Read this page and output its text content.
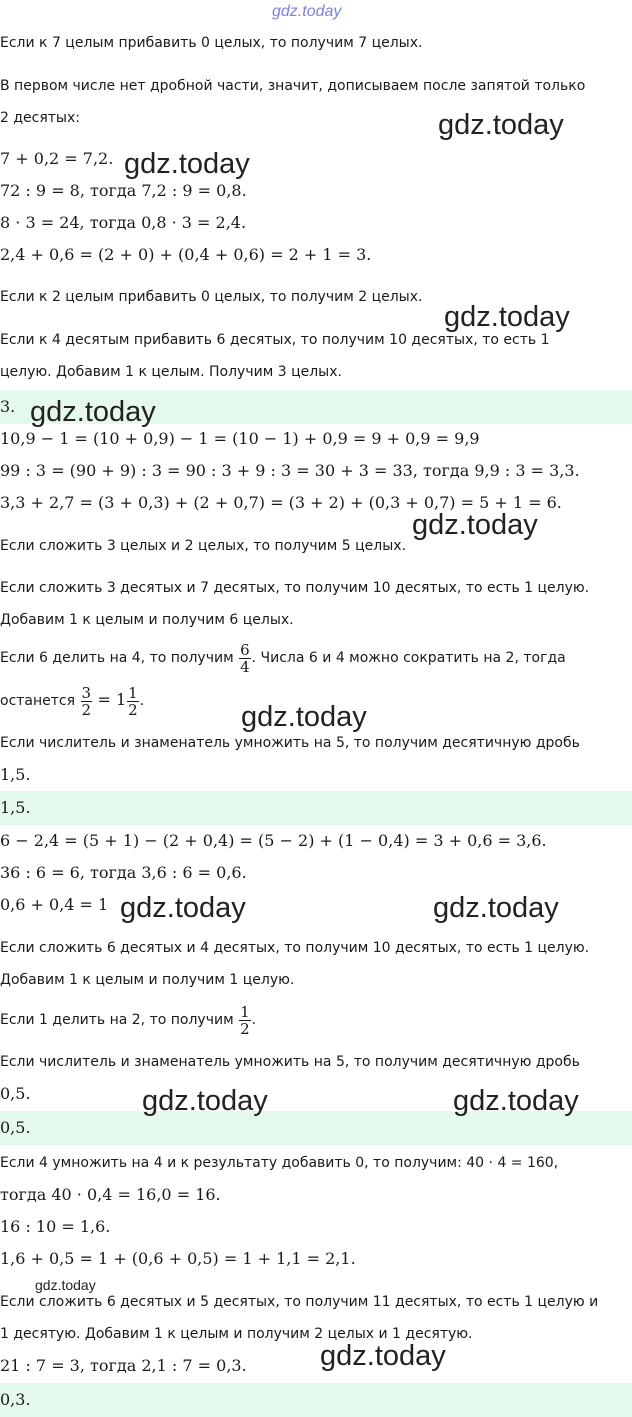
gdz.today
Если к 7 целым прибавить 0 целых, то получим 7 целых.
В первом числе нет дробной части, значит, дописываем после запятой только
2 десятых:
7 + 0,2 = 7,2.
72 : 9 = 8, тогда 7,2 : 9 = 0,8.
8 · 3 = 24, тогда 0,8 · 3 = 2,4.
2,4 + 0,6 = (2 + 0) + (0,4 + 0,6) = 2 + 1 = 3.
Если к 2 целым прибавить 0 целых, то получим 2 целых.
Если к 4 десятым прибавить 6 десятых, то получим 10 десятых, то есть 1
целую. Добавим 1 к целым. Получим 3 целых.
3.
10,9 − 1 = (10 + 0,9) − 1 = (10 − 1) + 0,9 = 9 + 0,9 = 9,9
99 : 3 = (90 + 9) : 3 = 90 : 3 + 9 : 3 = 30 + 3 = 33, тогда 9,9 : 3 = 3,3.
3,3 + 2,7 = (3 + 0,3) + (2 + 0,7) = (3 + 2) + (0,3 + 0,7) = 5 + 1 = 6.
Если сложить 3 целых и 2 целых, то получим 5 целых.
Если сложить 3 десятых и 7 десятых, то получим 10 десятых, то есть 1 целую.
Добавим 1 к целым и получим 6 целых.
Если 6 делить на 4, то получим $\frac{6}{4}$ . Числа 6 и 4 можно сократить на 2, тогда
останется $\frac{3}{2} = 1 \frac{1}{2}$ .
Если числитель и знаменатель умножить на 5, то получим десятичную дробь
1,5.
1,5.
6 − 2,4 = (5 + 1) − (2 + 0,4) = (5 − 2) + (1 − 0,4) = 3 + 0,6 = 3,6.
36 : 6 = 6, тогда 3,6 : 6 = 0,6.
0,6 + 0,4 = 1
Если сложить 6 десятых и 4 десятых, то получим 10 десятых, то есть 1 целую.
Добавим 1 к целым и получим 1 целую.
Если 1 делить на 2, то получим $\frac{1}{2}$ .
Если числитель и знаменатель умножить на 5, то получим десятичную дробь
0,5.
0,5.
Если 4 умножить на 4 и к результату добавить 0, то получим: 40 · 4 = 160,
тогда 40 · 0,4 = 16,0 = 16.
16 : 10 = 1,6.
1,6 + 0,5 = 1 + (0,6 + 0,5) = 1 + 1,1 = 2,1.
Если сложить 6 десятых и 5 десятых, то получим 11 десятых, то есть 1 целую и
1 десятую. Добавим 1 к целым и получим 2 целых и 1 десятую.
21 : 7 = 3, тогда 2,1 : 7 = 0,3.
0,3.
gdz.today
gdz.today
gdz.today
gdz.today
gdz.today
gdz.today
gdz.today	gdz.today
gdz.today	gdz.today
gdz.today
gdz.today
